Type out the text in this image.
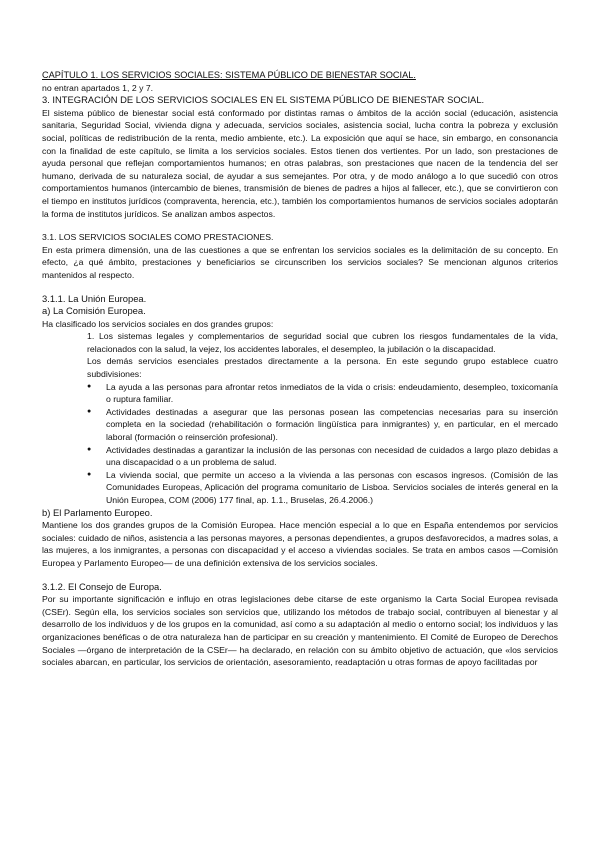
CAPÍTULO 1. LOS SERVICIOS SOCIALES: SISTEMA PÚBLICO DE BIENESTAR SOCIAL.

no entran apartados 1, 2 y 7.

3. INTEGRACIÓN DE LOS SERVICIOS SOCIALES EN EL SISTEMA PÚBLICO DE BIENESTAR SOCIAL.

El sistema público de bienestar social está conformado por distintas ramas o ámbitos de la acción social (educación, asistencia sanitaria, Seguridad Social, vivienda digna y adecuada, servicios sociales, asistencia social, lucha contra la pobreza y exclusión social, políticas de redistribución de la renta, medio ambiente, etc.). La exposición que aquí se hace, sin embargo, en consonancia con la finalidad de este capítulo, se limita a los servicios sociales. Estos tienen dos vertientes. Por un lado, son prestaciones de ayuda personal que reflejan comportamientos humanos; en otras palabras, son prestaciones que nacen de la tendencia del ser humano, derivada de su naturaleza social, de ayudar a sus semejantes. Por otra, y de modo análogo a lo que sucedió con otros comportamientos humanos (intercambio de bienes, transmisión de bienes de padres a hijos al fallecer, etc.), que se convirtieron con el tiempo en institutos jurídicos (compraventa, herencia, etc.), también los comportamientos humanos de servicios sociales adoptarán la forma de institutos jurídicos. Se analizan ambos aspectos.

3.1. LOS SERVICIOS SOCIALES COMO PRESTACIONES.

En esta primera dimensión, una de las cuestiones a que se enfrentan los servicios sociales es la delimitación de su concepto. En efecto, ¿a qué ámbito, prestaciones y beneficiarios se circunscriben los servicios sociales? Se mencionan algunos criterios mantenidos al respecto.

3.1.1. La Unión Europea.

a) La Comisión Europea.

Ha clasificado los servicios sociales en dos grandes grupos:

1. Los sistemas legales y complementarios de seguridad social que cubren los riesgos fundamentales de la vida, relacionados con la salud, la vejez, los accidentes laborales, el desempleo, la jubilación o la discapacidad.

Los demás servicios esenciales prestados directamente a la persona. En este segundo grupo establece cuatro subdivisiones:

● La ayuda a las personas para afrontar retos inmediatos de la vida o crisis: endeudamiento, desempleo, toxicomanía o ruptura familiar.
● Actividades destinadas a asegurar que las personas posean las competencias necesarias para su inserción completa en la sociedad (rehabilitación o formación lingüística para inmigrantes) y, en particular, en el mercado laboral (formación o reinserción profesional).
● Actividades destinadas a garantizar la inclusión de las personas con necesidad de cuidados a largo plazo debidas a una discapacidad o a un problema de salud.
● La vivienda social, que permite un acceso a la vivienda a las personas con escasos ingresos. (Comisión de las Comunidades Europeas, Aplicación del programa comunitario de Lisboa. Servicios sociales de interés general en la Unión Europea, COM (2006) 177 final, ap. 1.1., Bruselas, 26.4.2006.)

b) El Parlamento Europeo.

Mantiene los dos grandes grupos de la Comisión Europea. Hace mención especial a lo que en España entendemos por servicios sociales: cuidado de niños, asistencia a las personas mayores, a personas dependientes, a grupos desfavorecidos, a madres solas, a las mujeres, a los inmigrantes, a personas con discapacidad y el acceso a viviendas sociales. Se trata en ambos casos —Comisión Europea y Parlamento Europeo— de una definición extensiva de los servicios sociales.

3.1.2. El Consejo de Europa.

Por su importante significación e influjo en otras legislaciones debe citarse de este organismo la Carta Social Europea revisada (CSEr). Según ella, los servicios sociales son servicios que, utilizando los métodos de trabajo social, contribuyen al bienestar y al desarrollo de los individuos y de los grupos en la comunidad, así como a su adaptación al medio o entorno social; los individuos y las organizaciones benéficas o de otra naturaleza han de participar en su creación y mantenimiento. El Comité de Europeo de Derechos Sociales —órgano de interpretación de la CSEr— ha declarado, en relación con su ámbito objetivo de actuación, que «los servicios sociales abarcan, en particular, los servicios de orientación, asesoramiento, readaptación u otras formas de apoyo facilitadas por
